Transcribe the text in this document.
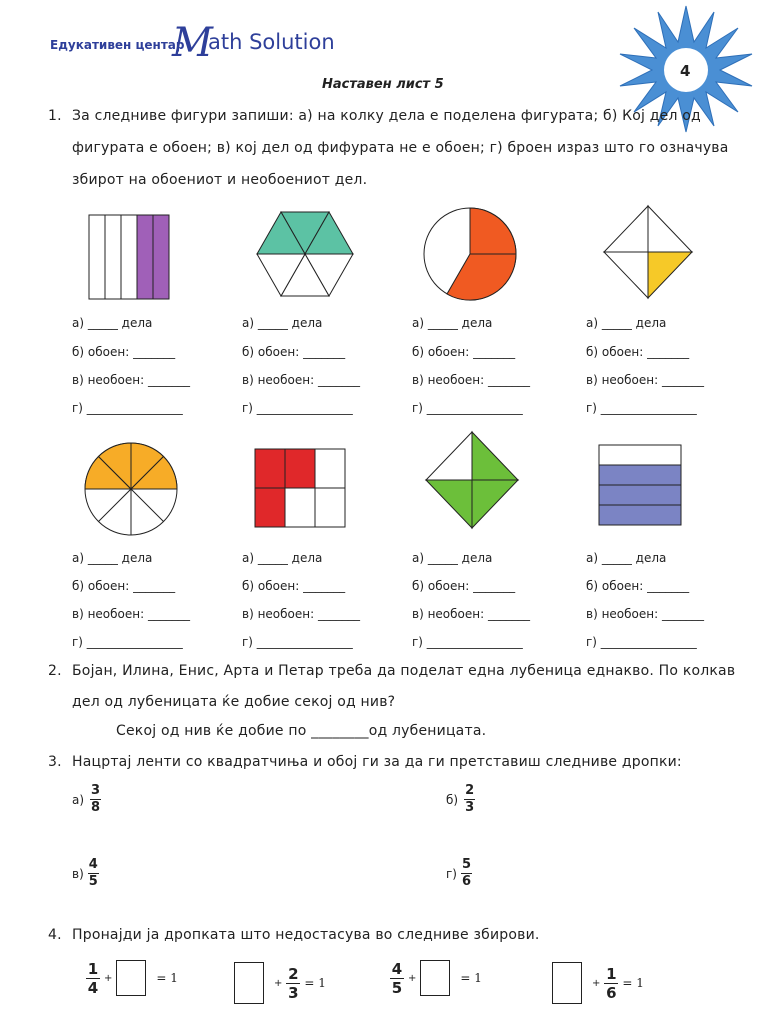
Едукативен центар
M
ath Solution
4
Наставен лист 5
1. За следниве фигури запиши: а) на колку дела е поделена фигурата; б) Кој дел од
фигурата е обоен; в) кој дел од фифурата не е обоен; г) броен израз што го означува
збирот на обоениот и необоениот дел.
а) _____ дела
б) обоен: _______
в) необоен: _______
г) ________________
а) _____ дела
б) обоен: _______
в) необоен: _______
г) ________________
а) _____ дела
б) обоен: _______
в) необоен: _______
г) ________________
а) _____ дела
б) обоен: _______
в) необоен: _______
г) ________________
а) _____ дела
б) обоен: _______
в) необоен: _______
г) ________________
а) _____ дела
б) обоен: _______
в) необоен: _______
г) ________________
а) _____ дела
б) обоен: _______
в) необоен: _______
г) ________________
а) _____ дела
б) обоен: _______
в) необоен: _______
г) ________________
2. Бојан, Илина, Енис, Арта и Петар треба да поделат една лубеница еднакво. По колкав
дел од лубеницата ќе добие секој од нив?
Секој од нив ќе добие по ________од лубеницата.
3. Нацртај ленти со квадратчиња и обој ги за да ги претставиш следниве дропки:
$а) \frac{3}{8}$	$б) \frac{2}{3}$
$в) \frac{4}{5}$	$г) \frac{5}{6}$
4. Пронајди ја дропката што недостасува во следниве збирови.
$\frac{1}{4}$ +	= 1	+ $\frac{2}{3} = 1$	$\frac{4}{5}$ +	= 1	+ $\frac{1}{6} = 1$
